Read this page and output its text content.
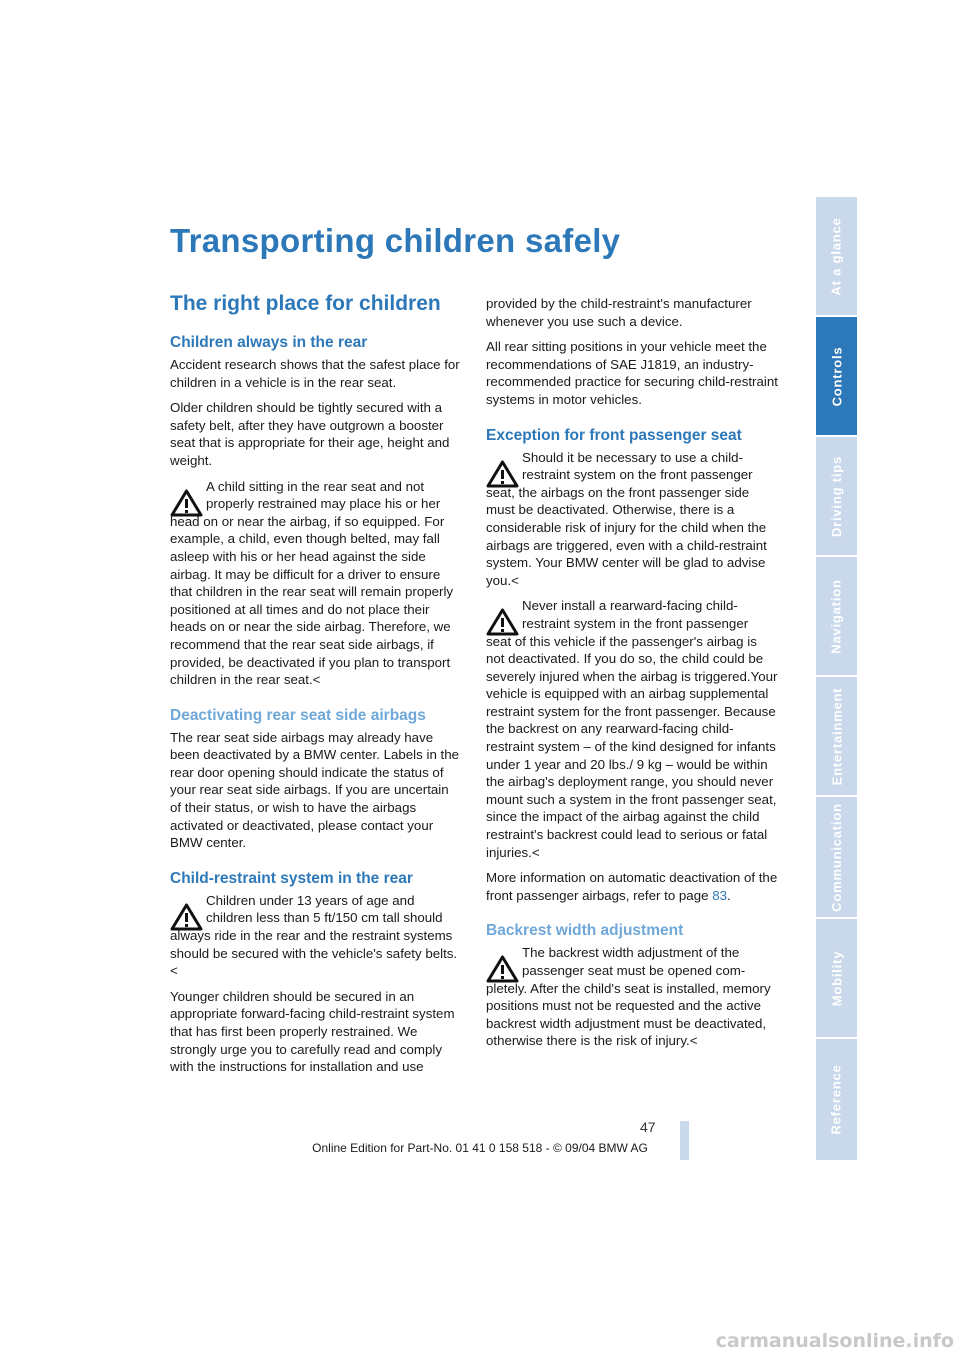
Transporting children safely
The right place for children
Children always in the rear

Accident research shows that the safest place for children in a vehicle is in the rear seat.

Older children should be tightly secured with a safety belt, after they have outgrown a booster seat that is appropriate for their age, height and weight.

A child sitting in the rear seat and not properly restrained may place his or her
head on or near the airbag, if so equipped. For example, a child, even though belted, may fall asleep with his or her head against the side airbag. It may be difficult for a driver to ensure that children in the rear seat will remain properly positioned at all times and do not place their heads on or near the side airbag. Therefore, we recommend that the rear seat side airbags, if provided, be deactivated if you plan to transport children in the rear seat.<

Deactivating rear seat side airbags

The rear seat side airbags may already have been deactivated by a BMW center. Labels in the rear door opening should indicate the status of your rear seat side airbags. If you are uncertain of their status, or wish to have the airbags activated or deactivated, please contact your BMW center.

Child-restraint system in the rear

Children under 13 years of age and children less than 5 ft/150 cm tall should
always ride in the rear and the restraint systems should be secured with the vehicle's safety belts.<

Younger children should be secured in an appropriate forward-facing child-restraint system that has first been properly restrained. We strongly urge you to carefully read and comply with the instructions for installation and use

provided by the child-restraint's manufacturer whenever you use such a device.

All rear sitting positions in your vehicle meet the recommendations of SAE J1819, an industry-recommended practice for securing child-restraint systems in motor vehicles.

Exception for front passenger seat

Should it be necessary to use a child-restraint system on the front passenger
seat, the airbags on the front passenger side must be deactivated. Otherwise, there is a considerable risk of injury for the child when the airbags are triggered, even with a child-restraint system. Your BMW center will be glad to advise you.<

Never install a rearward-facing child-restraint system in the front passenger
seat of this vehicle if the passenger's airbag is not deactivated. If you do so, the child could be severely injured when the airbag is triggered.Your vehicle is equipped with an airbag supplemental restraint system for the front passenger. Because the backrest on any rearward-facing child-restraint system – of the kind designed for infants under 1 year and 20 lbs./ 9 kg – would be within the airbag's deployment range, you should never mount such a system in the front passenger seat, since the impact of the airbag against the child restraint's backrest could lead to serious or fatal injuries.<

More information on automatic deactivation of the front passenger airbags, refer to page 83.

Backrest width adjustment

The backrest width adjustment of the passenger seat must be opened com-
pletely. After the child's seat is installed, memory positions must not be requested and the active backrest width adjustment must be deactivated, otherwise there is the risk of injury.<

At a glance
Controls
Driving tips
Navigation
Entertainment
Communication
Mobility
Reference
47
Online Edition for Part-No. 01 41 0 158 518 - © 09/04 BMW AG
carmanualsonline.info
